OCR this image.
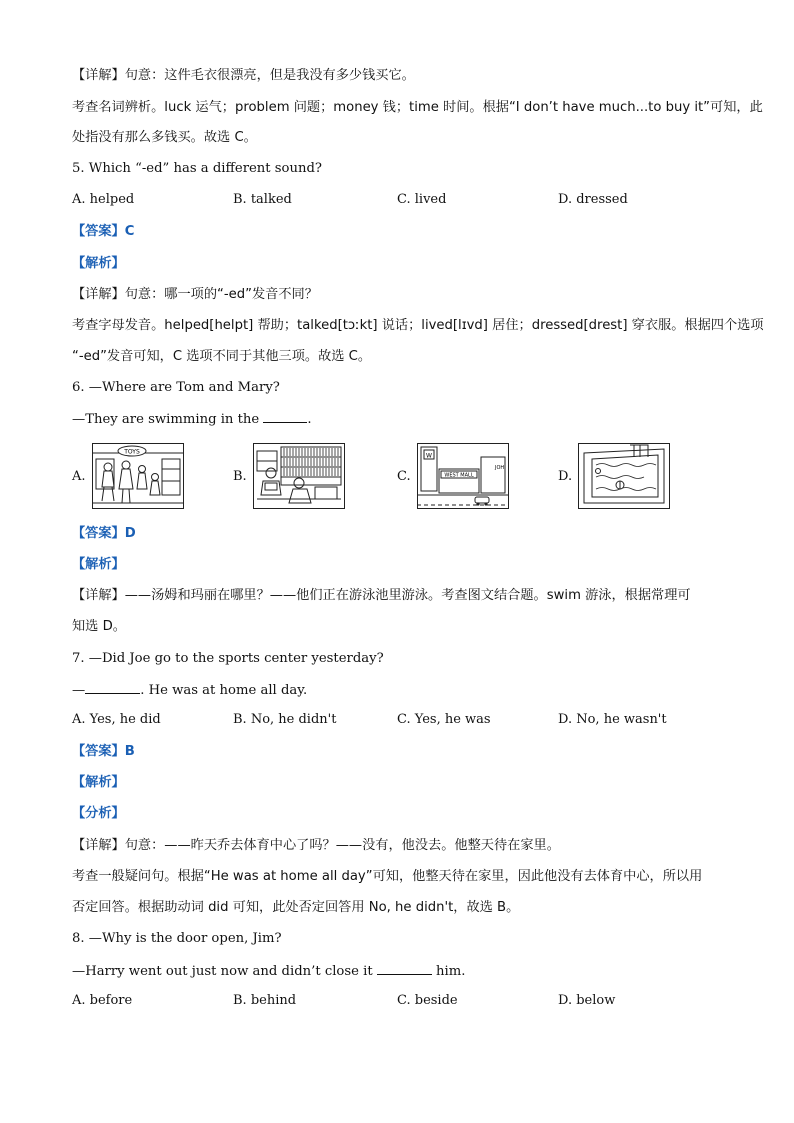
【详解】句意：这件毛衣很漂亮，但是我没有多少钱买它。
考查名词辨析。luck 运气；problem 问题；money 钱；time 时间。根据“I don’t have much...to buy it”可知，此
处指没有那么多钱买。故选 C。
5. Which “-ed” has a different sound?
A. helped	B. talked	C. lived	D. dressed
【答案】C
【解析】
【详解】句意：哪一项的“-ed”发音不同？
考查字母发音。helped[helpt] 帮助；talked[tɔːkt] 说话；lived[lɪvd] 居住；dressed[drest] 穿衣服。根据四个选项
“-ed”发音可知，C 选项不同于其他三项。故选 C。
6. —Where are Tom and Mary?
—They are swimming in the	.
A.
TOYS
B.	C.
W
WEST MALL
JOH
D.
【答案】D
【解析】
【详解】——汤姆和玛丽在哪里？——他们正在游泳池里游泳。考查图文结合题。swim 游泳，根据常理可
知选 D。
7. —Did Joe go to the sports center yesterday?
—	. He was at home all day.
A. Yes, he did	B. No, he didn't	C. Yes, he was	D. No, he wasn't
【答案】B
【解析】
【分析】
【详解】句意：——昨天乔去体育中心了吗？——没有，他没去。他整天待在家里。
考查一般疑问句。根据“He was at home all day”可知，他整天待在家里，因此他没有去体育中心，所以用
否定回答。根据助动词 did 可知，此处否定回答用 No, he didn't，故选 B。
8. —Why is the door open, Jim?
—Harry went out just now and didn’t close it	him.
A. before	B. behind	C. beside	D. below
